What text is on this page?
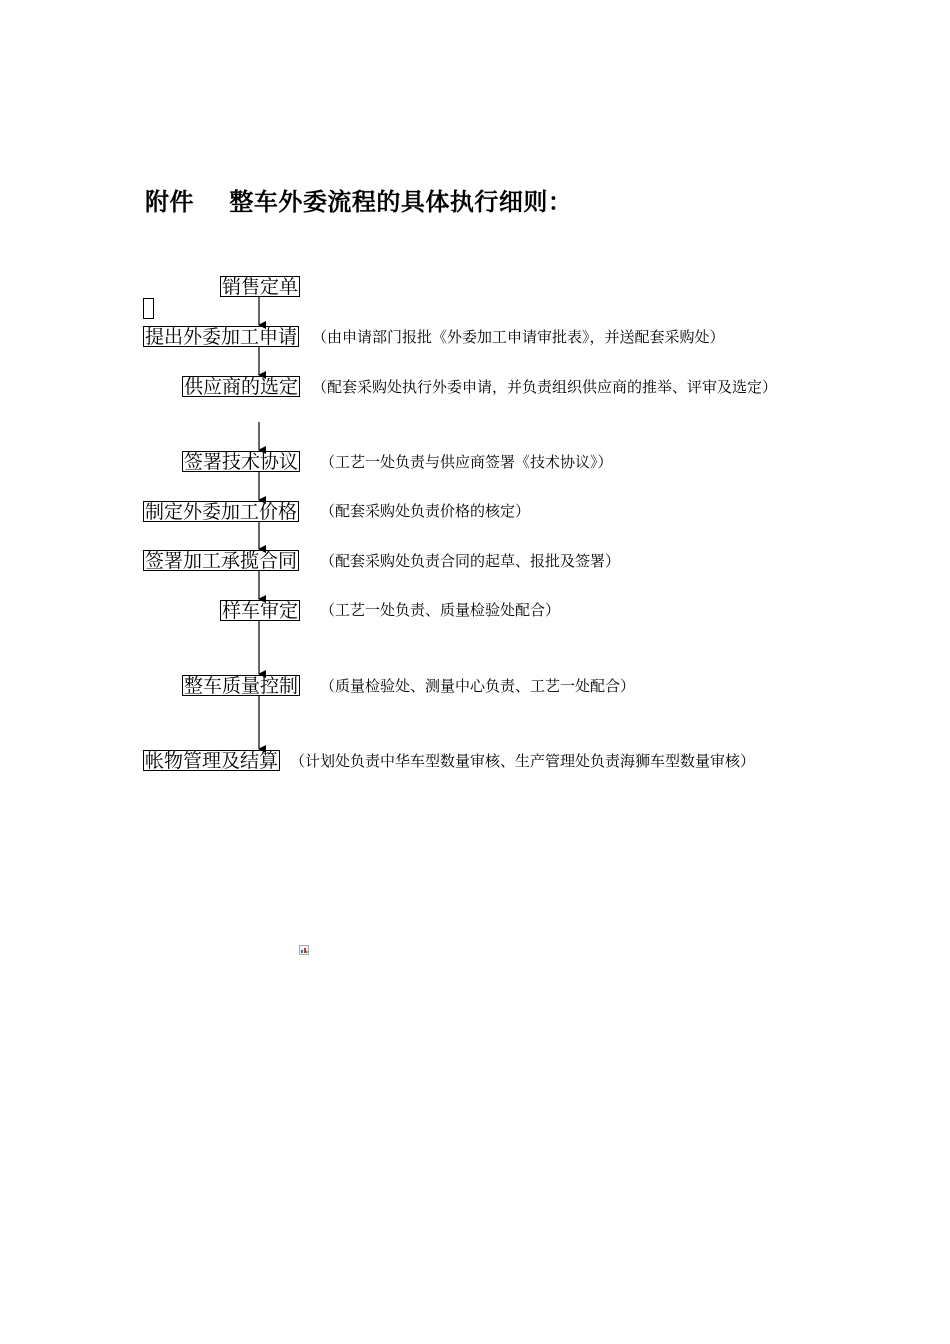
附件    整车外委流程的具体执行细则：
销售定单
提出外委加工申请 （由申请部门报批《外委加工申请审批表》，并送配套采购处）
供应商的选定 （配套采购处执行外委申请，并负责组织供应商的推举、评审及选定）
签署技术协议 （工艺一处负责与供应商签署《技术协议》）
制定外委加工价格 （配套采购处负责价格的核定）
签署加工承揽合同 （配套采购处负责合同的起草、报批及签署）
样车审定 （工艺一处负责、质量检验处配合）
整车质量控制 （质量检验处、测量中心负责、工艺一处配合）
帐物管理及结算 （计划处负责中华车型数量审核、生产管理处负责海狮车型数量审核）
